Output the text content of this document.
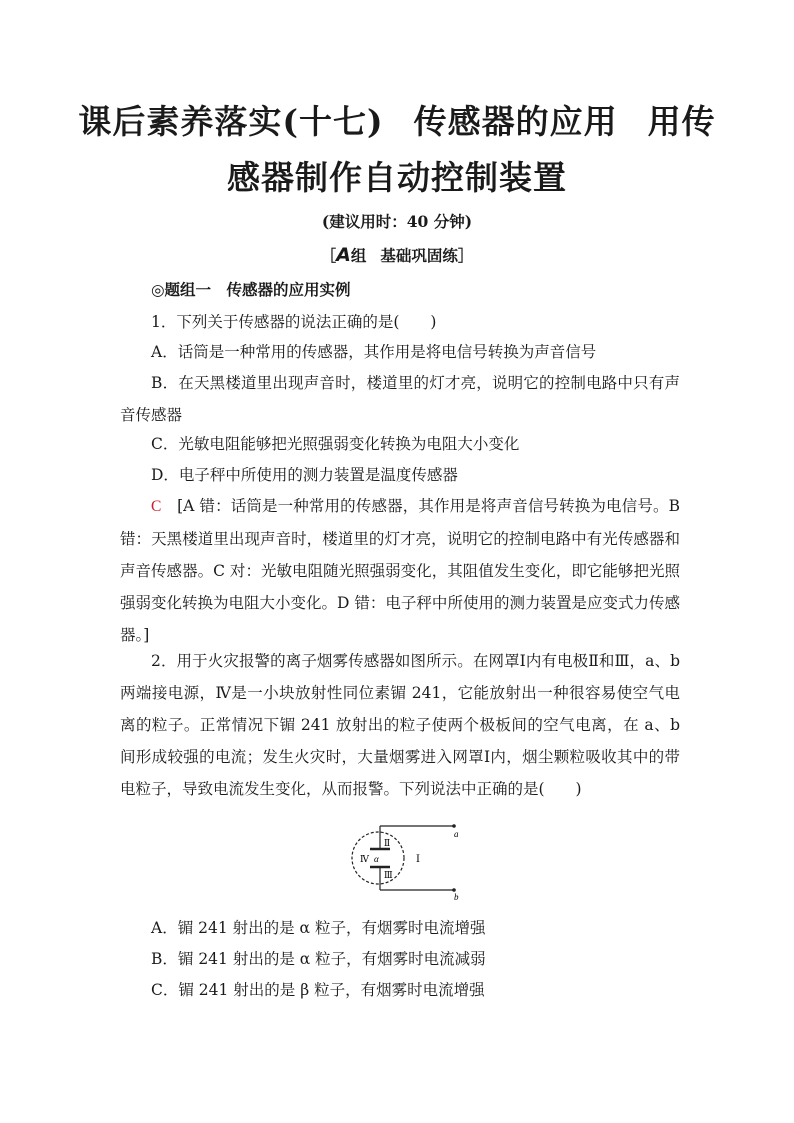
课后素养落实(十七) 传感器的应用 用传
感器制作自动控制装置
(建议用时：40 分钟)
［A组 基础巩固练］

◎题组一　传感器的应用实例

1．下列关于传感器的说法正确的是(　　)

A．话筒是一种常用的传感器，其作用是将电信号转换为声音信号

B．在天黑楼道里出现声音时，楼道里的灯才亮，说明它的控制电路中只有声音传感器

C．光敏电阻能够把光照强弱变化转换为电阻大小变化

D．电子秤中所使用的测力装置是温度传感器

C　 [A 错：话筒是一种常用的传感器，其作用是将声音信号转换为电信号。B 错：天黑楼道里出现声音时，楼道里的灯才亮，说明它的控制电路中有光传感器和声音传感器。C 对：光敏电阻随光照强弱变化，其阻值发生变化，即它能够把光照强弱变化转换为电阻大小变化。D 错：电子秤中所使用的测力装置是应变式力传感器。]

2．用于火灾报警的离子烟雾传感器如图所示。在网罩Ⅰ内有电极Ⅱ和Ⅲ，a、b 两端接电源，Ⅳ是一小块放射性同位素镅 241，它能放射出一种很容易使空气电离的粒子。正常情况下镅 241 放射出的粒子使两个极板间的空气电离，在 a、b 间形成较强的电流；发生火灾时，大量烟雾进入网罩Ⅰ内，烟尘颗粒吸收其中的带电粒子，导致电流发生变化，从而报警。下列说法中正确的是(　　)

a
b
Ⅱ
Ⅲ
Ⅳ α	Ⅰ

A．镅 241 射出的是 α 粒子，有烟雾时电流增强

B．镅 241 射出的是 α 粒子，有烟雾时电流减弱

C．镅 241 射出的是 β 粒子，有烟雾时电流增强
